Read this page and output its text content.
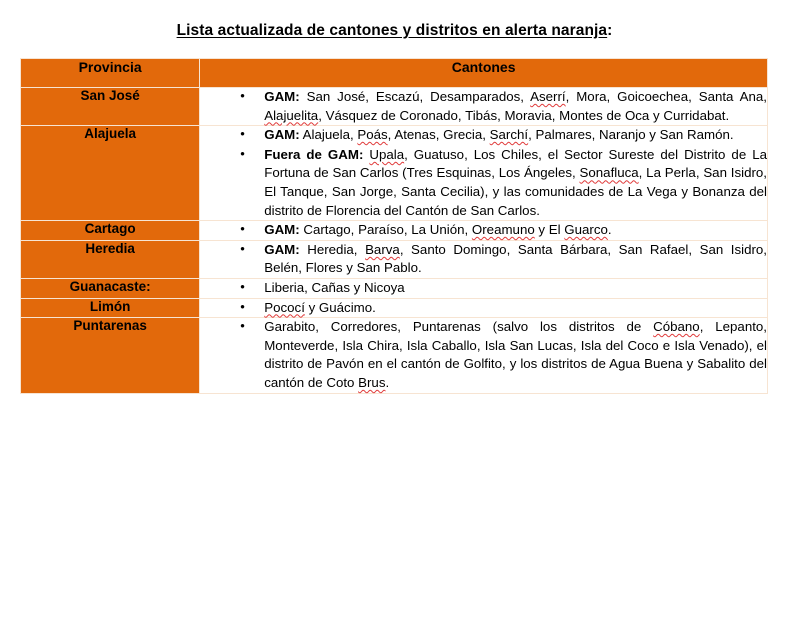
Lista actualizada de cantones y distritos en alerta naranja:
Provincia	Cantones
San José	
•GAM: San José, Escazú, Desamparados, Aserrí, Mora, Goicoechea, Santa Ana, Alajuelita, Vásquez de Coronado, Tibás, Moravia, Montes de Oca y Curridabat.

Alajuela	
•GAM: Alajuela, Poás, Atenas, Grecia, Sarchí, Palmares, Naranjo y San Ramón.
• Fuera de GAM: Upala, Guatuso, Los Chiles, el Sector Sureste del Distrito de La Fortuna de San Carlos (Tres Esquinas, Los Ángeles, Sonafluca, La Perla, San Isidro, El Tanque, San Jorge, Santa Cecilia), y las comunidades de La Vega y Bonanza del distrito de Florencia del Cantón de San Carlos.

Cartago	
•GAM: Cartago, Paraíso, La Unión, Oreamuno y El Guarco.

Heredia	
•GAM: Heredia, Barva, Santo Domingo, Santa Bárbara, San Rafael, San Isidro, Belén, Flores y San Pablo.

Guanacaste:	
•Liberia, Cañas y Nicoya

Limón	
•Pococí y Guácimo.

Puntarenas	
•Garabito, Corredores, Puntarenas (salvo los distritos de Cóbano, Lepanto, Monteverde, Isla Chira, Isla Caballo, Isla San Lucas, Isla del Coco e Isla Venado), el distrito de Pavón en el cantón de Golfito, y los distritos de Agua Buena y Sabalito del cantón de Coto Brus.
